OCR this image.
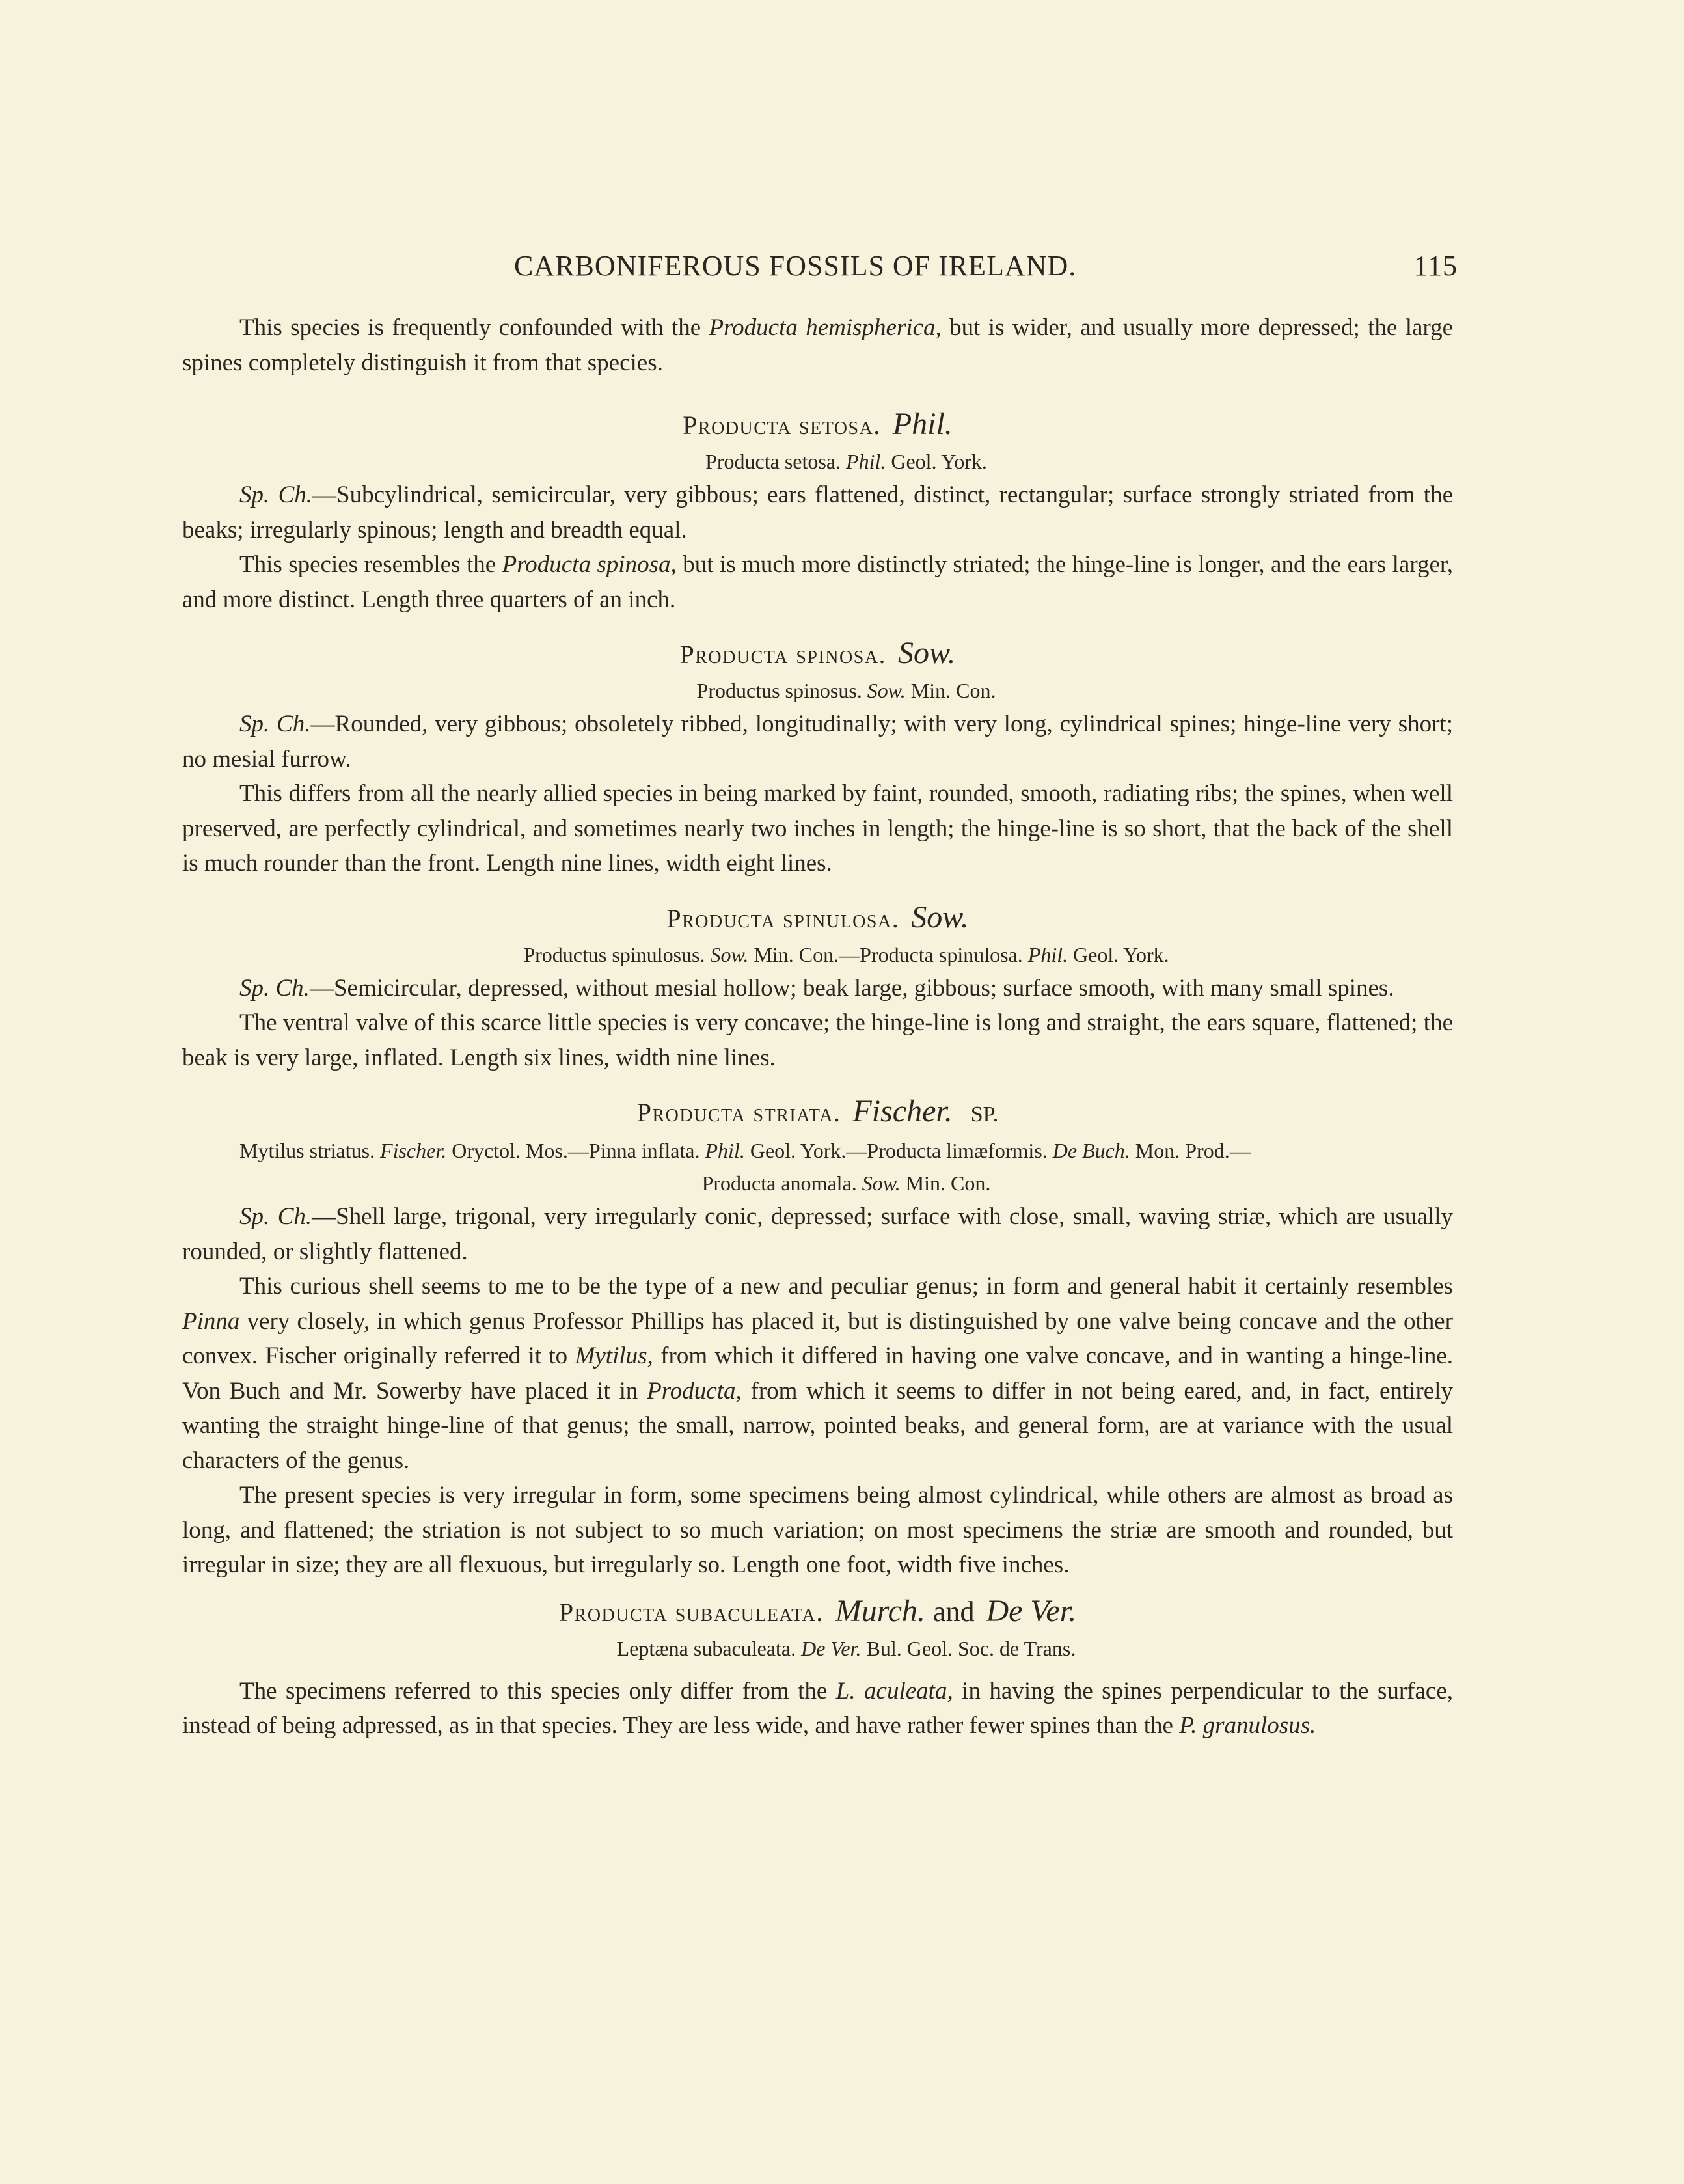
CARBONIFEROUS FOSSILS OF IRELAND.	115

This species is frequently confounded with the Producta hemispherica, but is wider, and usually more depressed; the large spines completely distinguish it from that species.

Producta setosa. Phil.

Producta setosa. Phil. Geol. York.

Sp. Ch.—Subcylindrical, semicircular, very gibbous; ears flattened, distinct, rectangular; surface strongly striated from the beaks; irregularly spinous; length and breadth equal.

This species resembles the Producta spinosa, but is much more distinctly striated; the hinge-line is longer, and the ears larger, and more distinct. Length three quarters of an inch.

Producta spinosa. Sow.

Productus spinosus. Sow. Min. Con.

Sp. Ch.—Rounded, very gibbous; obsoletely ribbed, longitudinally; with very long, cylindrical spines; hinge-line very short; no mesial furrow.

This differs from all the nearly allied species in being marked by faint, rounded, smooth, radiating ribs; the spines, when well preserved, are perfectly cylindrical, and sometimes nearly two inches in length; the hinge-line is so short, that the back of the shell is much rounder than the front. Length nine lines, width eight lines.

Producta spinulosa. Sow.

Productus spinulosus. Sow. Min. Con.—Producta spinulosa. Phil. Geol. York.

Sp. Ch.—Semicircular, depressed, without mesial hollow; beak large, gibbous; surface smooth, with many small spines.

The ventral valve of this scarce little species is very concave; the hinge-line is long and straight, the ears square, flattened; the beak is very large, inflated. Length six lines, width nine lines.

Producta striata. Fischer. SP.

Mytilus striatus. Fischer. Oryctol. Mos.—Pinna inflata. Phil. Geol. York.—Producta limæformis. De Buch. Mon. Prod.—

Producta anomala. Sow. Min. Con.

Sp. Ch.—Shell large, trigonal, very irregularly conic, depressed; surface with close, small, waving striæ, which are usually rounded, or slightly flattened.

This curious shell seems to me to be the type of a new and peculiar genus; in form and general habit it certainly resembles Pinna very closely, in which genus Professor Phillips has placed it, but is distinguished by one valve being concave and the other convex. Fischer originally referred it to Mytilus, from which it differed in having one valve concave, and in wanting a hinge-line. Von Buch and Mr. Sowerby have placed it in Producta, from which it seems to differ in not being eared, and, in fact, entirely wanting the straight hinge-line of that genus; the small, narrow, pointed beaks, and general form, are at variance with the usual characters of the genus.

The present species is very irregular in form, some specimens being almost cylindrical, while others are almost as broad as long, and flattened; the striation is not subject to so much variation; on most specimens the striæ are smooth and rounded, but irregular in size; they are all flexuous, but irregularly so. Length one foot, width five inches.

Producta subaculeata. Murch. and De Ver.

Leptæna subaculeata. De Ver. Bul. Geol. Soc. de Trans.

The specimens referred to this species only differ from the L. aculeata, in having the spines perpendicular to the surface, instead of being adpressed, as in that species. They are less wide, and have rather fewer spines than the P. granulosus.
